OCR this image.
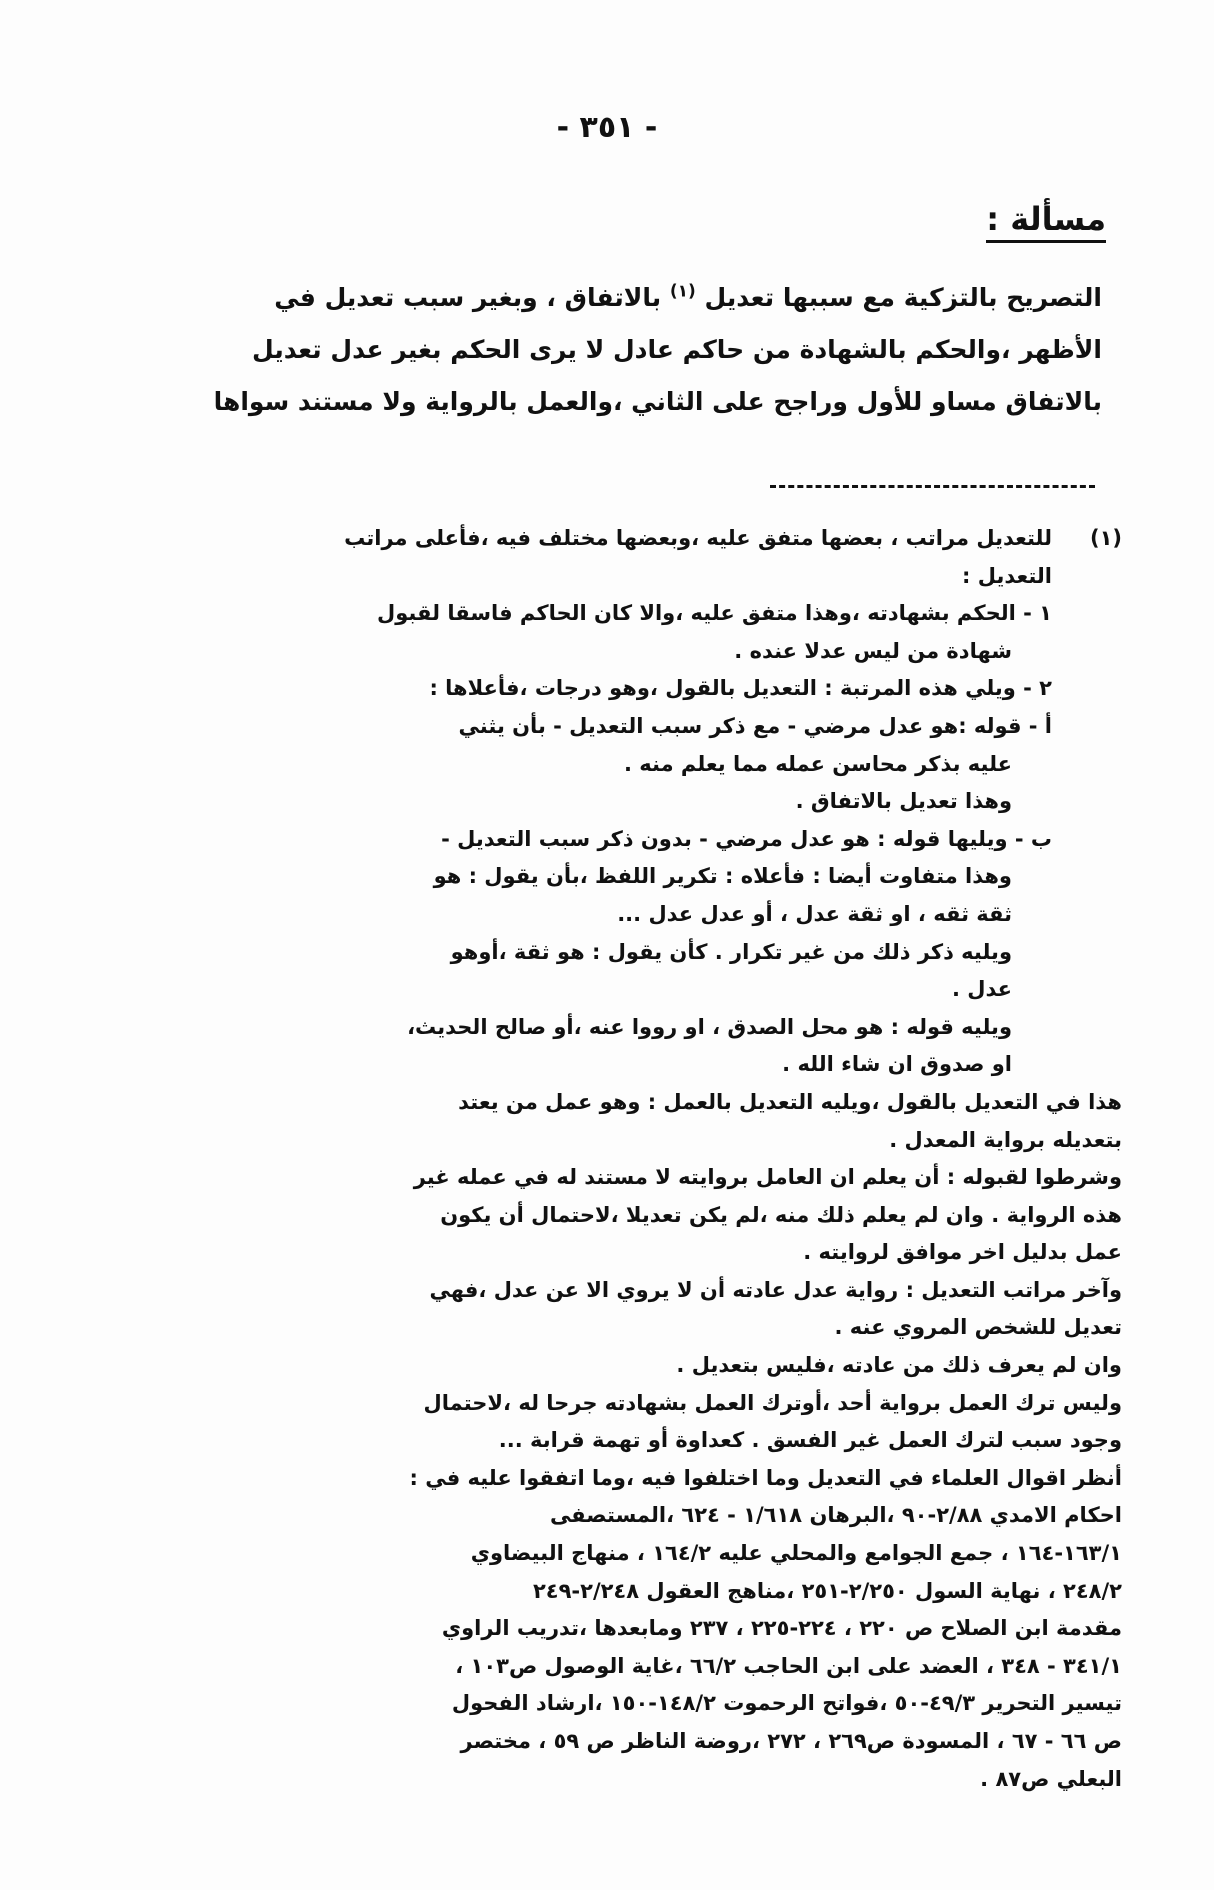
- ٣٥١ -
مسألة :

التصريح بالتزكية مع سببها تعديل $^{(١)}$ بالاتفاق ، وبغير سبب تعديل في

الأظهر ،والحكم بالشهادة من حاكم عادل لا يرى الحكم بغير عدل تعديل

بالاتفاق مساو للأول وراجح على الثاني ،والعمل بالرواية ولا مستند سواها

(١)

للتعديل مراتب ، بعضها متفق عليه ،وبعضها مختلف فيه ،فأعلى مراتب

التعديل :

١ - الحكم بشهادته ،وهذا متفق عليه ،والا كان الحاكم فاسقا لقبول

شهادة من ليس عدلا عنده .

٢ - ويلي هذه المرتبة : التعديل بالقول ،وهو درجات ،فأعلاها :

أ - قوله :هو عدل مرضي - مع ذكر سبب التعديل - بأن يثني

عليه بذكر محاسن عمله مما يعلم منه .

وهذا تعديل بالاتفاق .

ب - ويليها قوله : هو عدل مرضي - بدون ذكر سبب التعديل -

وهذا متفاوت أيضا : فأعلاه : تكرير اللفظ ،بأن يقول : هو

ثقة ثقه ، او ثقة عدل ، أو عدل عدل ...

ويليه ذكر ذلك من غير تكرار . كأن يقول : هو ثقة ،أوهو

عدل .

ويليه قوله : هو محل الصدق ، او رووا عنه ،أو صالح الحديث،

او صدوق ان شاء الله .

هذا في التعديل بالقول ،ويليه التعديل بالعمل : وهو عمل من يعتد

بتعديله برواية المعدل .

وشرطوا لقبوله : أن يعلم ان العامل بروايته لا مستند له في عمله غير

هذه الرواية . وان لم يعلم ذلك منه ،لم يكن تعديلا ،لاحتمال أن يكون

عمل بدليل اخر موافق لروايته .

وآخر مراتب التعديل : رواية عدل عادته أن لا يروي الا عن عدل ،فهي

تعديل للشخص المروي عنه .

وان لم يعرف ذلك من عادته ،فليس بتعديل .

وليس ترك العمل برواية أحد ،أوترك العمل بشهادته جرحا له ،لاحتمال

وجود سبب لترك العمل غير الفسق . كعداوة أو تهمة قرابة ...

أنظر اقوال العلماء في التعديل وما اختلفوا فيه ،وما اتفقوا عليه في :

احكام الامدي ٢/٨٨-٩٠ ،البرهان ١/٦١٨ - ٦٢٤ ،المستصفى

١٦٣/١-١٦٤ ، جمع الجوامع والمحلي عليه ١٦٤/٢ ، منهاج البيضاوي

٢٤٨/٢ ، نهاية السول ٢/٢٥٠-٢٥١ ،مناهج العقول ٢/٢٤٨-٢٤٩

مقدمة ابن الصلاح ص ٢٢٠ ، ٢٢٤-٢٢٥ ، ٢٣٧ ومابعدها ،تدريب الراوي

٣٤١/١ - ٣٤٨ ، العضد على ابن الحاجب ٦٦/٢ ،غاية الوصول ص١٠٣ ،

تيسير التحرير ٤٩/٣-٥٠ ،فواتح الرحموت ١٤٨/٢-١٥٠ ،ارشاد الفحول

ص ٦٦ - ٦٧ ، المسودة ص٢٦٩ ، ٢٧٢ ،روضة الناظر ص ٥٩ ، مختصر

البعلي ص٨٧ .
